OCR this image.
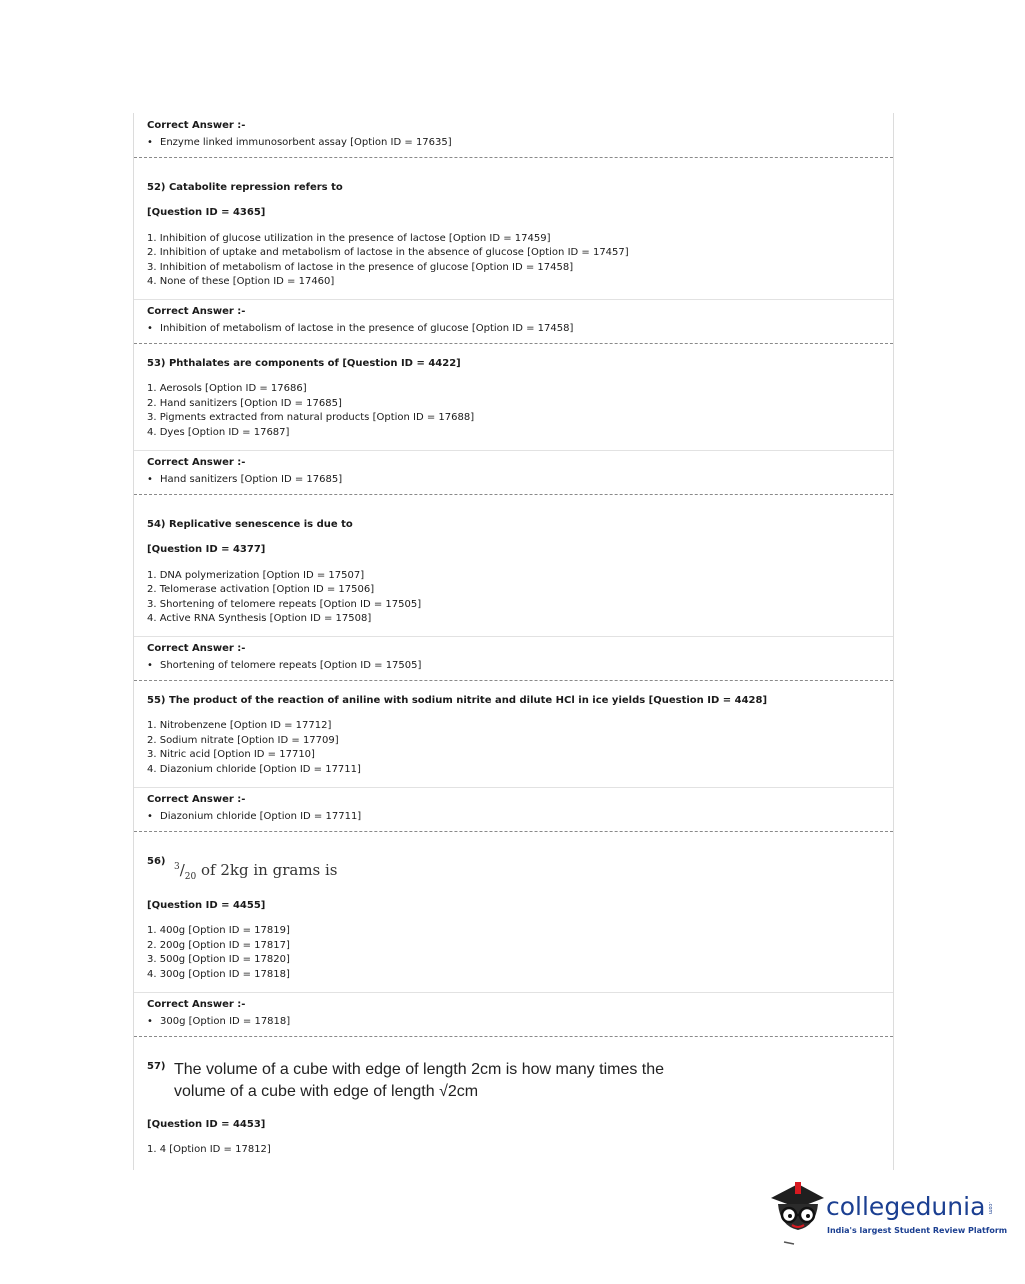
Correct Answer :-
• Enzyme linked immunosorbent assay [Option ID = 17635]
52) Catabolite repression refers to
[Question ID = 4365]
1. Inhibition of glucose utilization in the presence of lactose [Option ID = 17459]
2. Inhibition of uptake and metabolism of lactose in the absence of glucose [Option ID = 17457]
3. Inhibition of metabolism of lactose in the presence of glucose [Option ID = 17458]
4. None of these [Option ID = 17460]
Correct Answer :-
• Inhibition of metabolism of lactose in the presence of glucose [Option ID = 17458]
53) Phthalates are components of [Question ID = 4422]
1. Aerosols [Option ID = 17686]
2. Hand sanitizers [Option ID = 17685]
3. Pigments extracted from natural products [Option ID = 17688]
4. Dyes [Option ID = 17687]
Correct Answer :-
• Hand sanitizers [Option ID = 17685]
54) Replicative senescence is due to
[Question ID = 4377]
1. DNA polymerization [Option ID = 17507]
2. Telomerase activation [Option ID = 17506]
3. Shortening of telomere repeats [Option ID = 17505]
4. Active RNA Synthesis [Option ID = 17508]
Correct Answer :-
• Shortening of telomere repeats [Option ID = 17505]
55) The product of the reaction of aniline with sodium nitrite and dilute HCl in ice yields [Question ID = 4428]
1. Nitrobenzene [Option ID = 17712]
2. Sodium nitrate [Option ID = 17709]
3. Nitric acid [Option ID = 17710]
4. Diazonium chloride [Option ID = 17711]
Correct Answer :-
• Diazonium chloride [Option ID = 17711]
56) $^3/_{20}$ of 2kg in grams is
[Question ID = 4455]
1. 400g [Option ID = 17819]
2. 200g [Option ID = 17817]
3. 500g [Option ID = 17820]
4. 300g [Option ID = 17818]
Correct Answer :-
• 300g [Option ID = 17818]
57) The volume of a cube with edge of length 2cm is how many times the
volume of a cube with edge of length √2cm
[Question ID = 4453]
1. 4 [Option ID = 17812]
collegedunia .com
India's largest Student Review Platform
